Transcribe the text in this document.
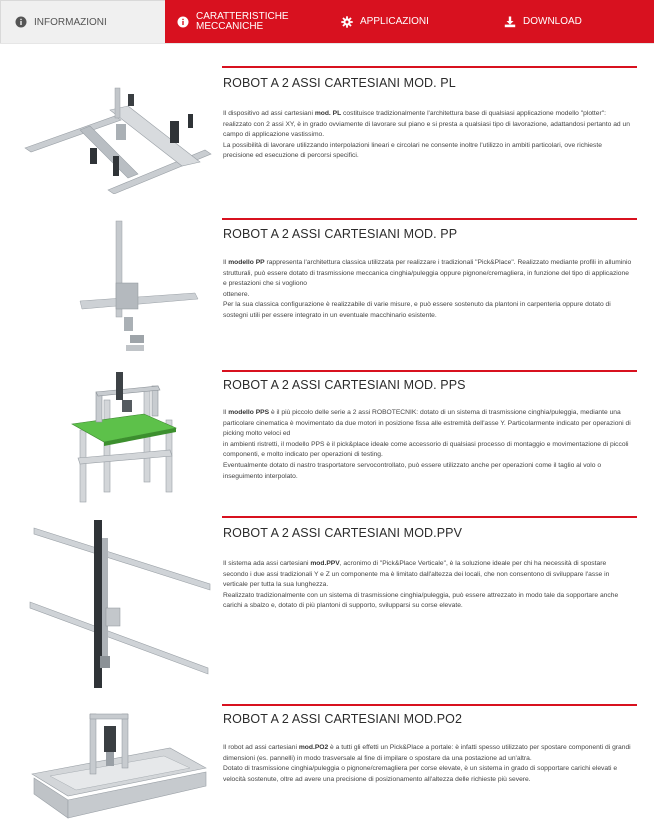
INFORMAZIONI
CARATTERISTICHE MECCANICHE	APPLICAZIONI	DOWNLOAD
ROBOT A 2 ASSI CARTESIANI MOD. PL

Il dispositivo ad assi cartesiani mod. PL costituisce tradizionalmente l'architettura base di qualsiasi applicazione modello "plotter": realizzato con 2 assi XY, è in grado ovviamente di lavorare sul piano e si presta a qualsiasi tipo di lavorazione, adattandosi pertanto ad un campo di applicazione vastissimo.

La possibilità di lavorare utilizzando interpolazioni lineari e circolari ne consente inoltre l'utilizzo in ambiti particolari, ove richieste precisione ed esecuzione di percorsi specifici.

ROBOT A 2 ASSI CARTESIANI MOD. PP

Il modello PP rappresenta l'architettura classica utilizzata per realizzare i tradizionali "Pick&Place". Realizzato mediante profili in alluminio strutturali, può essere dotato di trasmissione meccanica cinghia/puleggia oppure pignone/cremagliera, in funzione del tipo di applicazione e prestazioni che si vogliono

ottenere.

Per la sua classica configurazione è realizzabile di varie misure, e può essere sostenuto da plantoni in carpenteria oppure dotato di sostegni utili per essere integrato in un eventuale macchinario esistente.

ROBOT A 2 ASSI CARTESIANI MOD. PPS

Il modello PPS è il più piccolo delle serie a 2 assi ROBOTECNIK: dotato di un sistema di trasmissione cinghia/puleggia, mediante una particolare cinematica è movimentato da due motori in posizione fissa alle estremità dell'asse Y. Particolarmente indicato per operazioni di picking molto veloci ed

in ambienti ristretti, il modello PPS è il pick&place ideale come accessorio di qualsiasi processo di montaggio e movimentazione di piccoli componenti, e molto indicato per operazioni di testing.

Eventualmente dotato di nastro trasportatore servocontrollato, può essere utilizzato anche per operazioni come il taglio al volo o inseguimento interpolato.

ROBOT A 2 ASSI CARTESIANI MOD.PPV

Il sistema ada assi cartesiani mod.PPV, acronimo di "Pick&Place Verticale", è la soluzione ideale per chi ha necessità di spostare secondo i due assi tradizionali Y e Z un componente ma è limitato dall'altezza dei locali, che non consentono di sviluppare l'asse in verticale per tutta la sua lunghezza.

Realizzato tradizionalmente con un sistema di trasmissione cinghia/puleggia, può essere attrezzato in modo tale da sopportare anche carichi a sbalzo e, dotato di più plantoni di supporto, svilupparsi su corse elevate.

ROBOT A 2 ASSI CARTESIANI MOD.PO2

Il robot ad assi cartesiani mod.PO2 è a tutti gli effetti un Pick&Place a portale: è infatti spesso utilizzato per spostare componenti di grandi dimensioni (es. pannelli) in modo trasversale al fine di impilare o spostare da una postazione ad un'altra.

Dotato di trasmissione cinghia/puleggia o pignone/cremagliera per corse elevate, è un sistema in grado di sopportare carichi elevati e velocità sostenute, oltre ad avere una precisione di posizionamento all'altezza delle richieste più severe.
